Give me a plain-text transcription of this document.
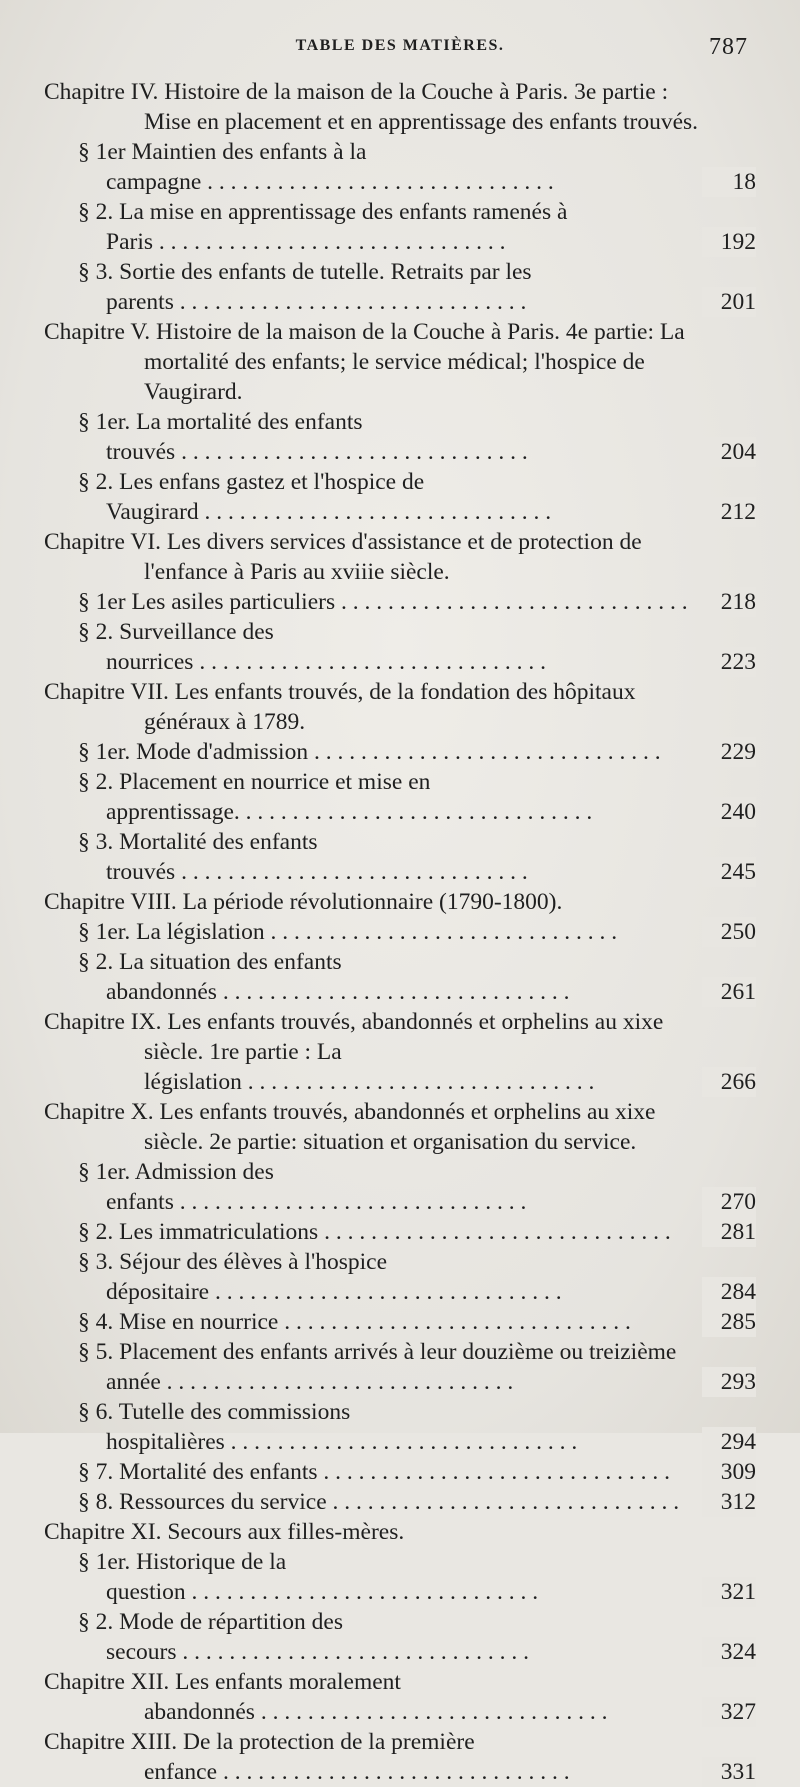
TABLE DES MATIÈRES.	787
Chapitre IV. Histoire de la maison de la Couche à Paris. 3e partie : Mise en placement et en apprentissage des enfants trouvés.
§ 1er Maintien des enfants à la campagne . . .	18
§ 2. La mise en apprentissage des enfants ramenés à Paris . . .	192
§ 3. Sortie des enfants de tutelle. Retraits par les parents . . .	201
Chapitre V. Histoire de la maison de la Couche à Paris. 4e partie: La mortalité des enfants; le service médical; l'hospice de Vaugirard.
§ 1er. La mortalité des enfants trouvés . . .	204
§ 2. Les enfans gastez et l'hospice de Vaugirard . . .	212
Chapitre VI. Les divers services d'assistance et de protection de l'enfance à Paris au xviiie siècle.
§ 1er Les asiles particuliers . . .	218
§ 2. Surveillance des nourrices . . .	223
Chapitre VII. Les enfants trouvés, de la fondation des hôpitaux généraux à 1789.
§ 1er. Mode d'admission . . .	229
§ 2. Placement en nourrice et mise en apprentissage. . . .	240
§ 3. Mortalité des enfants trouvés . . .	245
Chapitre VIII. La période révolutionnaire (1790-1800).
§ 1er. La législation . . .	250
§ 2. La situation des enfants abandonnés . . .	261
Chapitre IX. Les enfants trouvés, abandonnés et orphelins au xixe siècle. 1re partie : La législation . . .	266
Chapitre X. Les enfants trouvés, abandonnés et orphelins au xixe siècle. 2e partie: situation et organisation du service.
§ 1er. Admission des enfants . . .	270
§ 2. Les immatriculations . . .	281
§ 3. Séjour des élèves à l'hospice dépositaire . . .	284
§ 4. Mise en nourrice . . .	285
§ 5. Placement des enfants arrivés à leur douzième ou treizième année . . .	293
§ 6. Tutelle des commissions hospitalières . . .	294
§ 7. Mortalité des enfants . . .	309
§ 8. Ressources du service . . .	312
Chapitre XI. Secours aux filles-mères.
§ 1er. Historique de la question . . .	321
§ 2. Mode de répartition des secours . . .	324
Chapitre XII. Les enfants moralement abandonnés . . .	327
Chapitre XIII. De la protection de la première enfance . . .	331
